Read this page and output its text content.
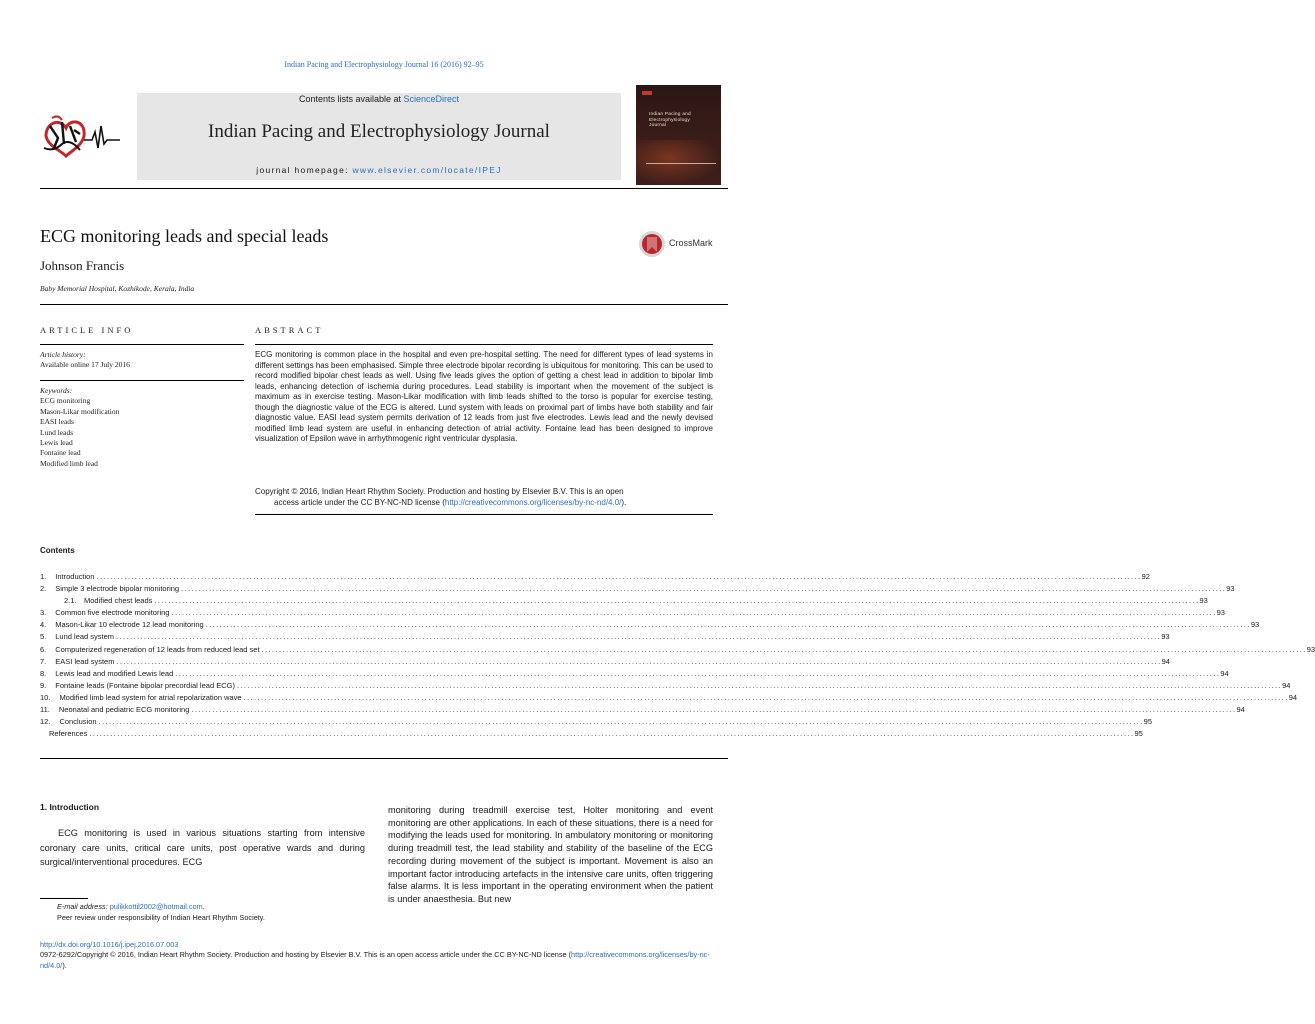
Indian Pacing and Electrophysiology Journal 16 (2016) 92–95
Contents lists available at ScienceDirect
Indian Pacing and Electrophysiology Journal
journal homepage: www.elsevier.com/locate/IPEJ
Indian Pacing and
Electrophysiology
Journal
ECG monitoring leads and special leads	CrossMark
Johnson Francis
Baby Memorial Hospital, Kozhikode, Kerala, India
ARTICLE INFO
Article history:
Available online 17 July 2016
Keywords:
ECG monitoring
Mason-Likar modification
EASI leads
Lund leads
Lewis lead
Fontaine lead
Modified limb lead
ABSTRACT
ECG monitoring is common place in the hospital and even pre-hospital setting. The need for different types of lead systems in different settings has been emphasised. Simple three electrode bipolar recording is ubiquitous for monitoring. This can be used to record modified bipolar chest leads as well. Using five leads gives the option of getting a chest lead in addition to bipolar limb leads, enhancing detection of ischemia during procedures. Lead stability is important when the movement of the subject is maximum as in exercise testing. Mason-Likar modification with limb leads shifted to the torso is popular for exercise testing, though the diagnostic value of the ECG is altered. Lund system with leads on proximal part of limbs have both stability and fair diagnostic value. EASI lead system permits derivation of 12 leads from just five electrodes. Lewis lead and the newly devised modified limb lead system are useful in enhancing detection of atrial activity. Fontaine lead has been designed to improve visualization of Epsilon wave in arrhythmogenic right ventricular dysplasia.
Copyright © 2016, Indian Heart Rhythm Society. Production and hosting by Elsevier B.V. This is an open
access article under the CC BY-NC-ND license (http://creativecommons.org/licenses/by-nc-nd/4.0/).
Contents
1.	Introduction ............................................................................................................................................................................................................................................................................................................ 92
2.	Simple 3 electrode bipolar monitoring ............................................................................................................................................................................................................................................................................................................ 93
2.1. Modified chest leads ............................................................................................................................................................................................................................................................................................................ 93
3.	Common five electrode monitoring ............................................................................................................................................................................................................................................................................................................ 93
4.	Mason-Likar 10 electrode 12 lead monitoring ............................................................................................................................................................................................................................................................................................................ 93
5.	Lund lead system ............................................................................................................................................................................................................................................................................................................ 93
6.	Computerized regeneration of 12 leads from reduced lead set ............................................................................................................................................................................................................................................................................................................ 93
7.	EASI lead system ............................................................................................................................................................................................................................................................................................................ 94
8.	Lewis lead and modified Lewis lead ............................................................................................................................................................................................................................................................................................................ 94
9.	Fontaine leads (Fontaine bipolar precordial lead ECG) ............................................................................................................................................................................................................................................................................................................ 94
10.	Modified limb lead system for atrial repolarization wave ............................................................................................................................................................................................................................................................................................................ 94
11.	Neonatal and pediatric ECG monitoring ............................................................................................................................................................................................................................................................................................................ 94
12.	Conclusion ............................................................................................................................................................................................................................................................................................................ 95
References ............................................................................................................................................................................................................................................................................................................ 95
1. Introduction
ECG monitoring is used in various situations starting from intensive coronary care units, critical care units, post operative wards and during surgical/interventional procedures. ECG
monitoring during treadmill exercise test, Holter monitoring and event monitoring are other applications. In each of these situations, there is a need for modifying the leads used for monitoring. In ambulatory monitoring or monitoring during treadmill test, the lead stability and stability of the baseline of the ECG recording during movement of the subject is important. Movement is also an important factor introducing artefacts in the intensive care units, often triggering false alarms. It is less important in the operating environment when the patient is under anaesthesia. But new
E-mail address: pulikkottil2002@hotmail.com.
Peer review under responsibility of Indian Heart Rhythm Society.
http://dx.doi.org/10.1016/j.ipej.2016.07.003
0972-6292/Copyright © 2016, Indian Heart Rhythm Society. Production and hosting by Elsevier B.V. This is an open access article under the CC BY-NC-ND license (http://creativecommons.org/licenses/by-nc-nd/4.0/).
